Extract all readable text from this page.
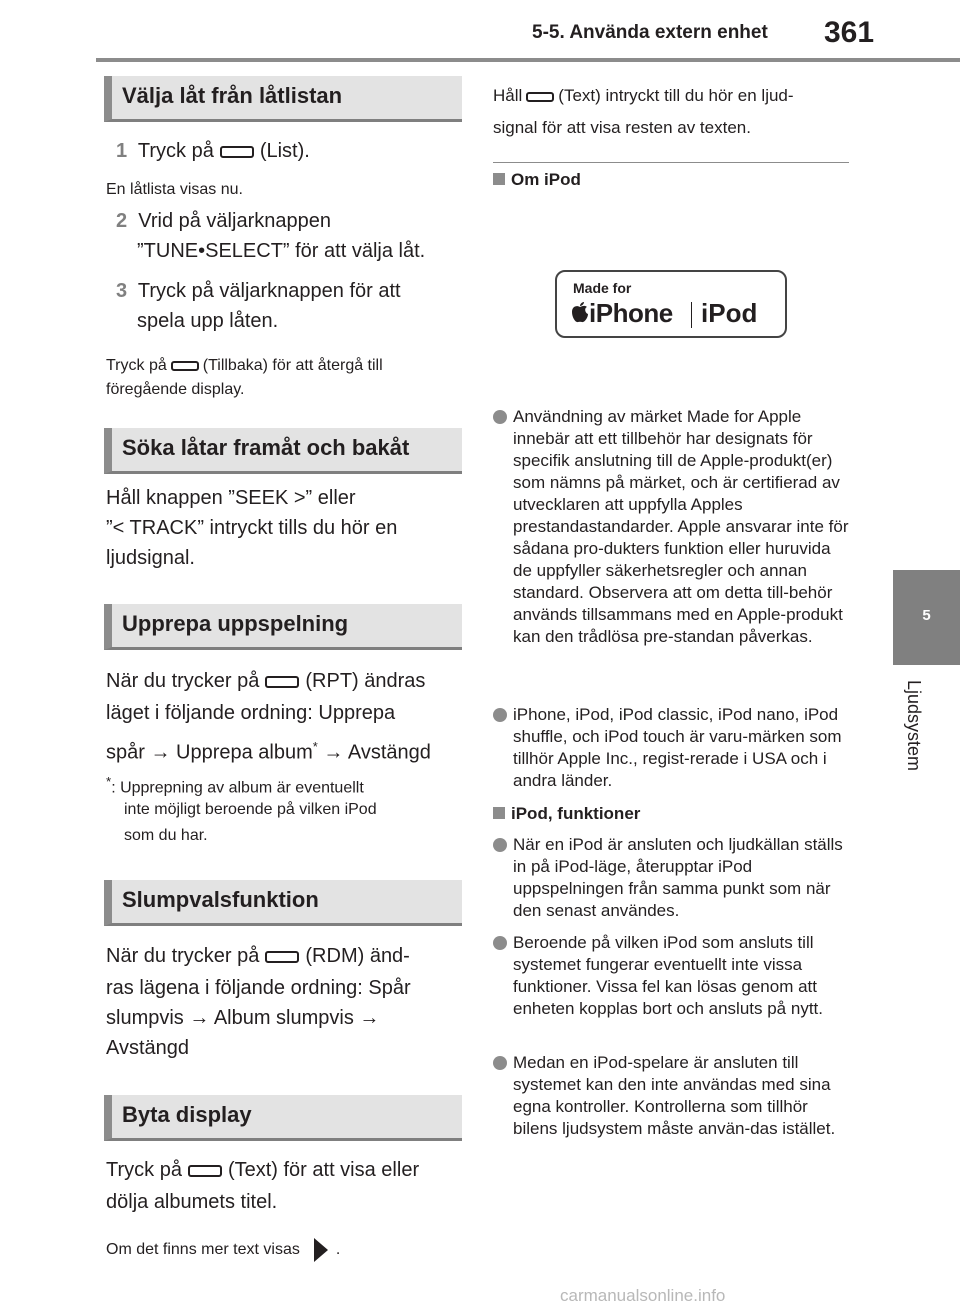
5-5. Använda extern enhet 361
5
Ljudsystem
Välja låt från låtlistan
1 Tryck på (List).
En låtlista visas nu.
2 Vrid på väljarknappen
”TUNE•SELECT” för att välja låt.
3 Tryck på väljarknappen för att
spela upp låten.
Tryck på (Tillbaka) för att återgå till
föregående display.
Söka låtar framåt och bakåt
Håll knappen ”SEEK >” eller
”< TRACK” intryckt tills du hör en
ljudsignal.
Upprepa uppspelning
När du trycker på (RPT) ändras
läget i följande ordning: Upprepa
spår → Upprepa album* → Avstängd
*: Upprepning av album är eventuellt
inte möjligt beroende på vilken iPod
som du har.
Slumpvalsfunktion
När du trycker på (RDM) änd-
ras lägena i följande ordning: Spår
slumpvis → Album slumpvis →
Avstängd
Byta display
Tryck på (Text) för att visa eller
dölja albumets titel.
Om det finns mer text visas .
Håll (Text) intryckt till du hör en ljud-
signal för att visa resten av texten.
Om iPod
Made for
iPhone iPod
Användning av märket Made for Apple innebär att ett tillbehör har designats för specifik anslutning till de Apple-produkt(er) som nämns på märket, och är certifierad av utvecklaren att uppfylla Apples prestandastandarder. Apple ansvarar inte för sådana pro-dukters funktion eller huruvida de uppfyller säkerhetsregler och annan standard. Observera att om detta till-behör används tillsammans med en Apple-produkt kan den trådlösa pre-standan påverkas.
iPhone, iPod, iPod classic, iPod nano, iPod shuffle, och iPod touch är varu-märken som tillhör Apple Inc., regist-rerade i USA och i andra länder.
iPod, funktioner
När en iPod är ansluten och ljudkällan ställs in på iPod-läge, återupptar iPod uppspelningen från samma punkt som när den senast användes.
Beroende på vilken iPod som ansluts till systemet fungerar eventuellt inte vissa funktioner. Vissa fel kan lösas genom att enheten kopplas bort och ansluts på nytt.
Medan en iPod-spelare är ansluten till systemet kan den inte användas med sina egna kontroller. Kontrollerna som tillhör bilens ljudsystem måste använ-das istället.
carmanualsonline.info
